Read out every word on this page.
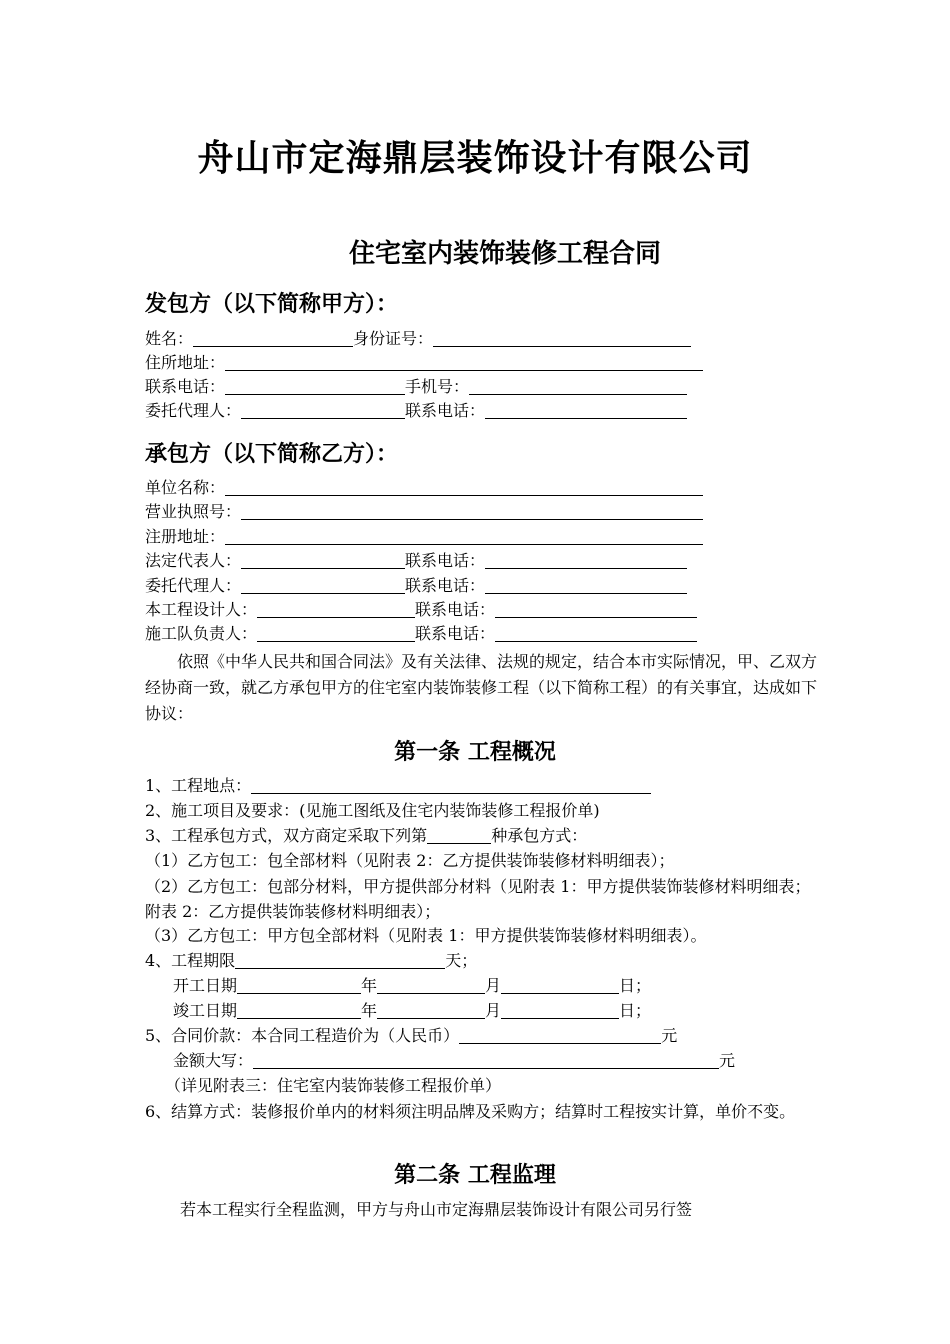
舟山市定海鼎层装饰设计有限公司
住宅室内装饰装修工程合同
发包方（以下简称甲方）：
姓名：	身份证号：
住所地址：
联系电话：	手机号：
委托代理人：	联系电话：
承包方（以下简称乙方）：
单位名称：
营业执照号：
注册地址：
法定代表人：	联系电话：
委托代理人：	联系电话：
本工程设计人：	联系电话：
施工队负责人：	联系电话：
依照《中华人民共和国合同法》及有关法律、法规的规定，结合本市实际情况，甲、乙双方经协商一致，就乙方承包甲方的住宅室内装饰装修工程（以下简称工程）的有关事宜，达成如下协议：
第一条 工程概况
1、工程地点：
2、施工项目及要求：(见施工图纸及住宅内装饰装修工程报价单)
3、工程承包方式，双方商定采取下列第	种承包方式：
（1）乙方包工：包全部材料（见附表 2：乙方提供装饰装修材料明细表）；
（2）乙方包工：包部分材料，甲方提供部分材料（见附表 1：甲方提供装饰装修材料明细表；附表 2：乙方提供装饰装修材料明细表）；
（3）乙方包工：甲方包全部材料（见附表 1：甲方提供装饰装修材料明细表）。
4、工程期限	天；
开工日期	年	月	日；
竣工日期	年	月	日；
5、合同价款：本合同工程造价为（人民币）	元
金额大写：	元
（详见附表三：住宅室内装饰装修工程报价单）
6、结算方式：装修报价单内的材料须注明品牌及采购方；结算时工程按实计算，单价不变。
第二条 工程监理
若本工程实行全程监测，甲方与舟山市定海鼎层装饰设计有限公司另行签
